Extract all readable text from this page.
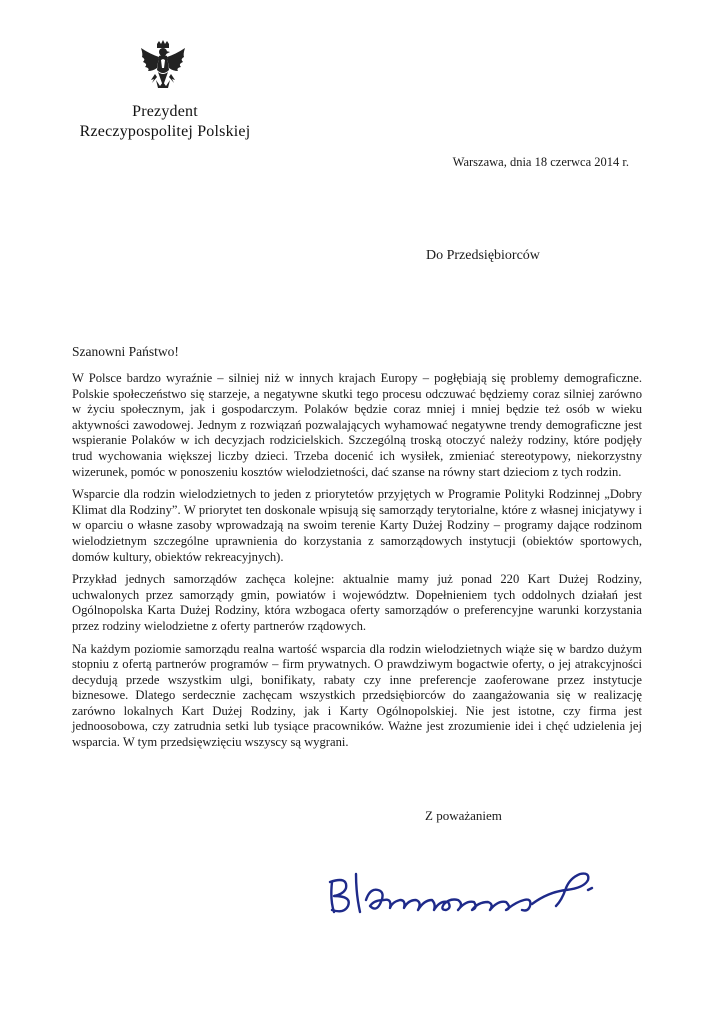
Prezydent
Rzeczypospolitej Polskiej
Warszawa, dnia 18 czerwca 2014 r.
Do Przedsiębiorców
Szanowni Państwo!

W Polsce bardzo wyraźnie – silniej niż w innych krajach Europy – pogłębiają się problemy demograficzne. Polskie społeczeństwo się starzeje, a negatywne skutki tego procesu odczuwać będziemy coraz silniej zarówno w życiu społecznym, jak i gospodarczym. Polaków będzie coraz mniej i mniej będzie też osób w wieku aktywności zawodowej. Jednym z rozwiązań pozwalających wyhamować negatywne trendy demograficzne jest wspieranie Polaków w ich decyzjach rodzicielskich. Szczególną troską otoczyć należy rodziny, które podjęły trud wychowania większej liczby dzieci. Trzeba docenić ich wysiłek, zmieniać stereotypowy, niekorzystny wizerunek, pomóc w ponoszeniu kosztów wielodzietności, dać szanse na równy start dzieciom z tych rodzin.

Wsparcie dla rodzin wielodzietnych to jeden z priorytetów przyjętych w Programie Polityki Rodzinnej „Dobry Klimat dla Rodziny”. W priorytet ten doskonale wpisują się samorządy terytorialne, które z własnej inicjatywy i w oparciu o własne zasoby wprowadzają na swoim terenie Karty Dużej Rodziny – programy dające rodzinom wielodzietnym szczególne uprawnienia do korzystania z samorządowych instytucji (obiektów sportowych, domów kultury, obiektów rekreacyjnych).

Przykład jednych samorządów zachęca kolejne: aktualnie mamy już ponad 220 Kart Dużej Rodziny, uchwalonych przez samorządy gmin, powiatów i województw. Dopełnieniem tych oddolnych działań jest Ogólnopolska Karta Dużej Rodziny, która wzbogaca oferty samorządów o preferencyjne warunki korzystania przez rodziny wielodzietne z oferty partnerów rządowych.

Na każdym poziomie samorządu realna wartość wsparcia dla rodzin wielodzietnych wiąże się w bardzo dużym stopniu z ofertą partnerów programów – firm prywatnych. O prawdziwym bogactwie oferty, o jej atrakcyjności decydują przede wszystkim ulgi, bonifikaty, rabaty czy inne preferencje zaoferowane przez instytucje biznesowe. Dlatego serdecznie zachęcam wszystkich przedsiębiorców do zaangażowania się w realizację zarówno lokalnych Kart Dużej Rodziny, jak i Karty Ogólnopolskiej. Nie jest istotne, czy firma jest jednoosobowa, czy zatrudnia setki lub tysiące pracowników. Ważne jest zrozumienie idei i chęć udzielenia jej wsparcia. W tym przedsięwzięciu wszyscy są wygrani.

Z poważaniem
